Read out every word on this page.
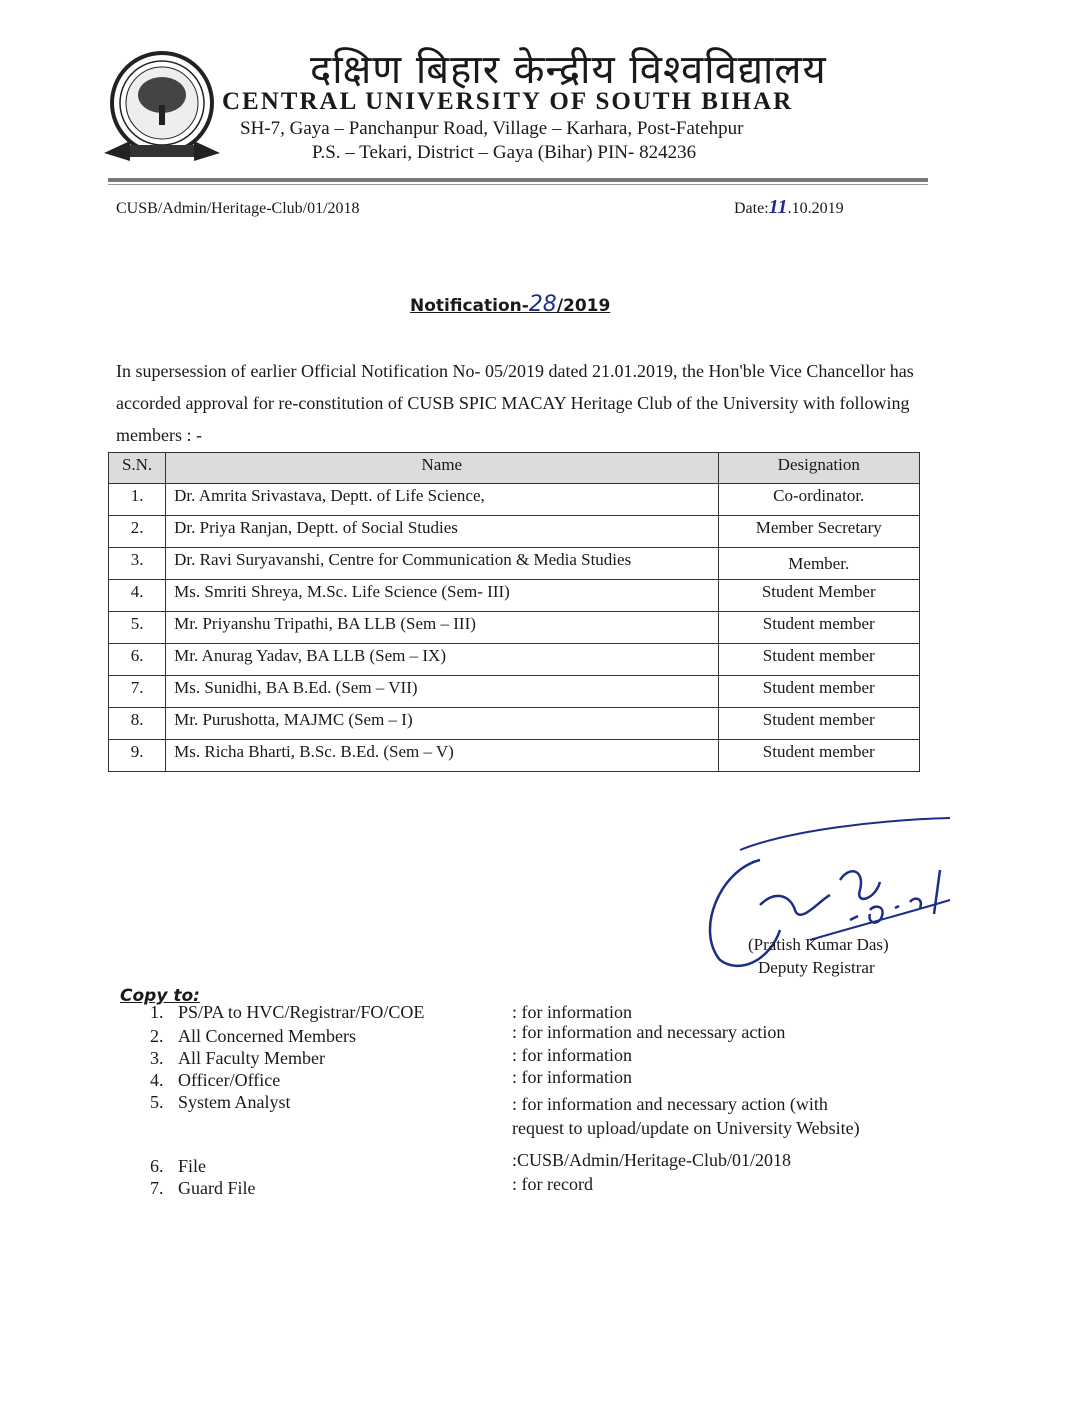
दक्षिण बिहार केन्द्रीय विश्वविद्यालय
CENTRAL UNIVERSITY OF SOUTH BIHAR
SH-7, Gaya – Panchanpur Road, Village – Karhara, Post-Fatehpur
P.S. – Tekari, District – Gaya (Bihar) PIN- 824236
CUSB/Admin/Heritage-Club/01/2018	Date:11.10.2019
Notification-28/2019
In supersession of earlier Official Notification No- 05/2019 dated 21.01.2019, the Hon'ble Vice Chancellor has accorded approval for re-constitution of CUSB SPIC MACAY Heritage Club of the University with following members : -
S.N.	Name	Designation
1.	Dr. Amrita Srivastava, Deptt. of Life Science,	Co-ordinator.
2.	Dr. Priya Ranjan, Deptt. of Social Studies	Member Secretary
3.	Dr. Ravi Suryavanshi, Centre for Communication & Media Studies	Member.
4.	Ms. Smriti Shreya, M.Sc. Life Science (Sem- III)	Student Member
5.	Mr. Priyanshu Tripathi, BA LLB (Sem – III)	Student member
6.	Mr. Anurag Yadav, BA LLB (Sem – IX)	Student member
7.	Ms. Sunidhi, BA B.Ed. (Sem – VII)	Student member
8.	Mr. Purushotta, MAJMC (Sem – I)	Student member
9.	Ms. Richa Bharti, B.Sc. B.Ed. (Sem – V)	Student member
(Pratish Kumar Das)
Deputy Registrar
Copy to:
1. PS/PA to HVC/Registrar/FO/COE	: for information
2. All Concerned Members	: for information and necessary action
3. All Faculty Member	: for information
4. Officer/Office	: for information
5. System Analyst	: for information and necessary action (with
request to upload/update on University Website)
6. File	:CUSB/Admin/Heritage-Club/01/2018
7. Guard File	: for record
